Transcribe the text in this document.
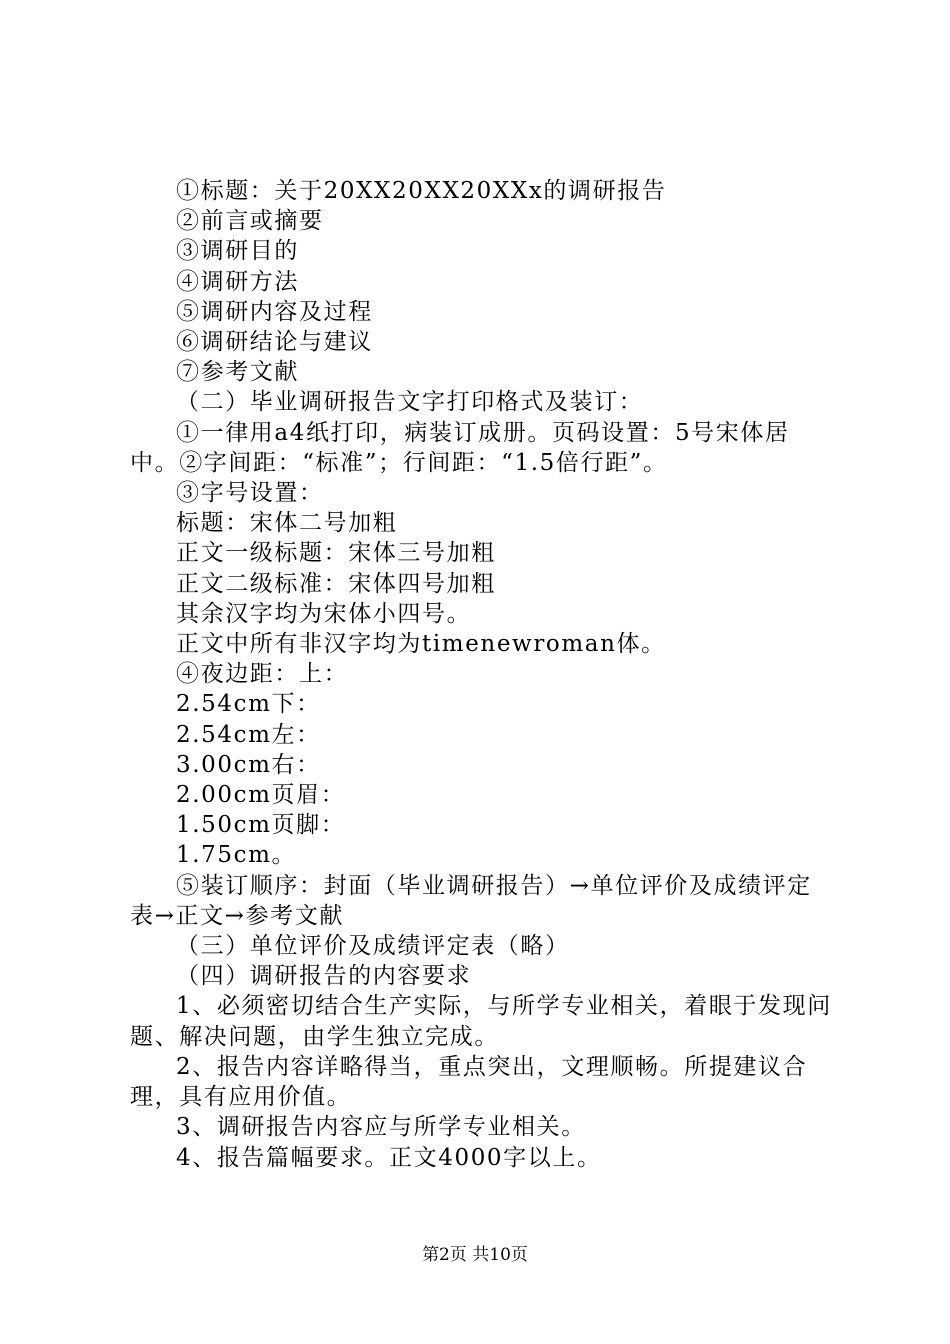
①标题：关于20XX20XX20XXx的调研报告

②前言或摘要

③调研目的

④调研方法

⑤调研内容及过程

⑥调研结论与建议

⑦参考文献

（二）毕业调研报告文字打印格式及装订：

①一律用a4纸打印，病装订成册。页码设置：5号宋体居中。②字间距：“标准”；行间距：“1.5倍行距”。

③字号设置：

标题：宋体二号加粗

正文一级标题：宋体三号加粗

正文二级标准：宋体四号加粗

其余汉字均为宋体小四号。

正文中所有非汉字均为timenewroman体。

④夜边距：上：

2.54cm下：

2.54cm左：

3.00cm右：

2.00cm页眉：

1.50cm页脚：

1.75cm。

⑤装订顺序：封面（毕业调研报告）→单位评价及成绩评定表→正文→参考文献

（三）单位评价及成绩评定表（略）

（四）调研报告的内容要求

1、必须密切结合生产实际，与所学专业相关，着眼于发现问题、解决问题，由学生独立完成。

2、报告内容详略得当，重点突出，文理顺畅。所提建议合理，具有应用价值。

3、调研报告内容应与所学专业相关。

4、报告篇幅要求。正文4000字以上。

第2页 共10页
